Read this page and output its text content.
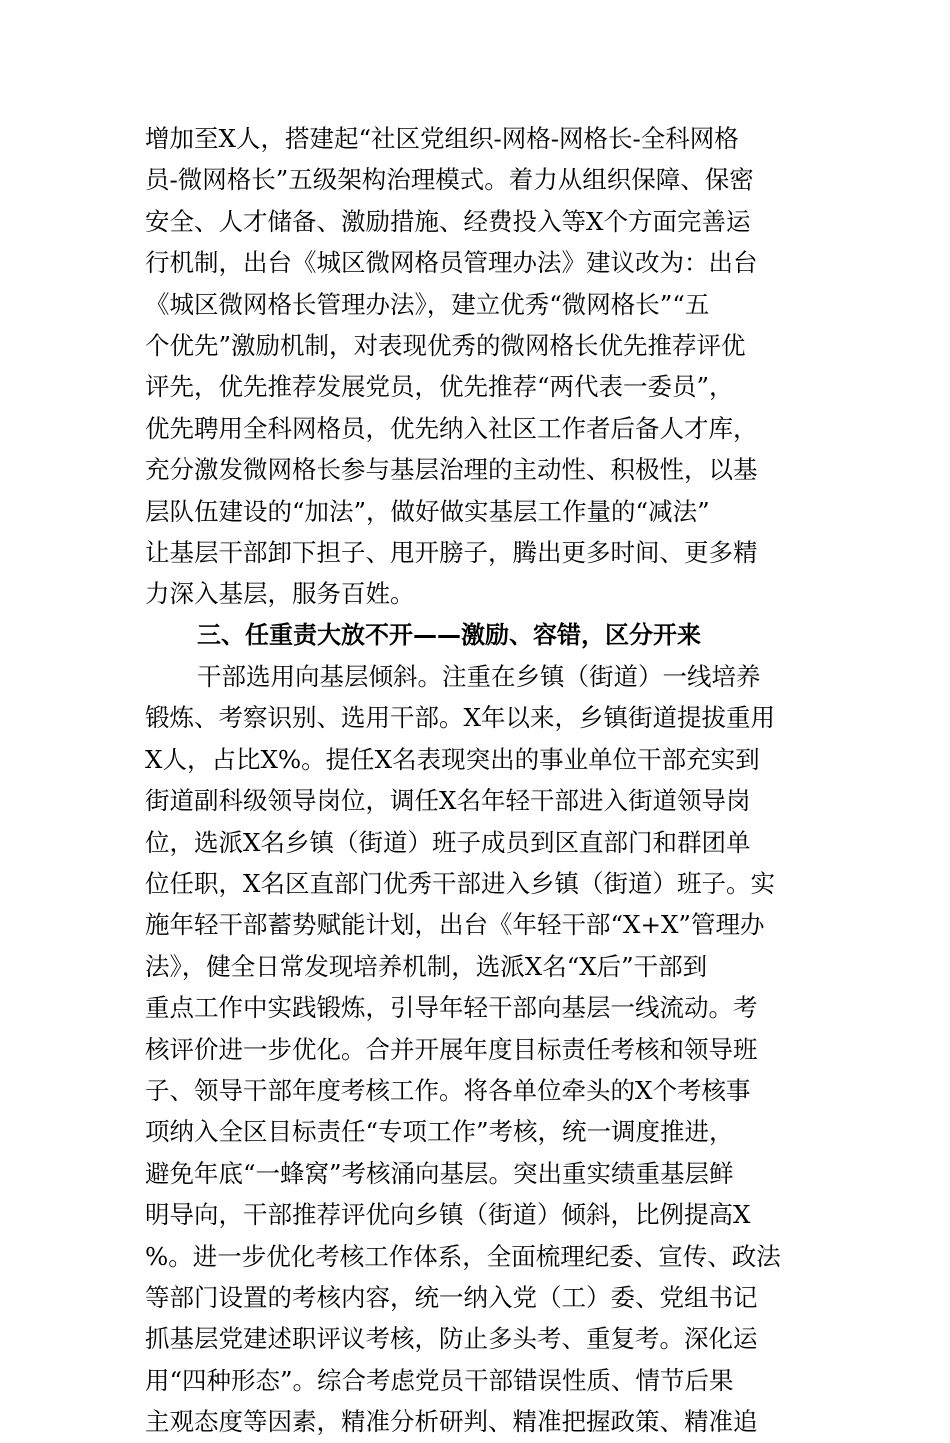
增加至X人，搭建起“社区党组织-网格-网格长-全科网格
员-微网格长”五级架构治理模式。着力从组织保障、保密
安全、人才储备、激励措施、经费投入等X个方面完善运
行机制，出台《城区微网格员管理办法》建议改为：出台
《城区微网格长管理办法》，建立优秀“微网格长”“五
个优先”激励机制，对表现优秀的微网格长优先推荐评优
评先，优先推荐发展党员，优先推荐“两代表一委员”，
优先聘用全科网格员，优先纳入社区工作者后备人才库，
充分激发微网格长参与基层治理的主动性、积极性，以基
层队伍建设的“加法”，做好做实基层工作量的“减法”
让基层干部卸下担子、甩开膀子，腾出更多时间、更多精
力深入基层，服务百姓。
三、任重责大放不开——激励、容错，区分开来
干部选用向基层倾斜。注重在乡镇（街道）一线培养
锻炼、考察识别、选用干部。X年以来，乡镇街道提拔重用
X人，占比X%。提任X名表现突出的事业单位干部充实到
街道副科级领导岗位，调任X名年轻干部进入街道领导岗
位，选派X名乡镇（街道）班子成员到区直部门和群团单
位任职，X名区直部门优秀干部进入乡镇（街道）班子。实
施年轻干部蓄势赋能计划，出台《年轻干部“X+X”管理办
法》，健全日常发现培养机制，选派X名“X后”干部到
重点工作中实践锻炼，引导年轻干部向基层一线流动。考
核评价进一步优化。合并开展年度目标责任考核和领导班
子、领导干部年度考核工作。将各单位牵头的X个考核事
项纳入全区目标责任“专项工作”考核，统一调度推进，
避免年底“一蜂窝”考核涌向基层。突出重实绩重基层鲜
明导向，干部推荐评优向乡镇（街道）倾斜，比例提高X
%。进一步优化考核工作体系，全面梳理纪委、宣传、政法
等部门设置的考核内容，统一纳入党（工）委、党组书记
抓基层党建述职评议考核，防止多头考、重复考。深化运
用“四种形态”。综合考虑党员干部错误性质、情节后果
主观态度等因素，精准分析研判、精准把握政策、精准追
